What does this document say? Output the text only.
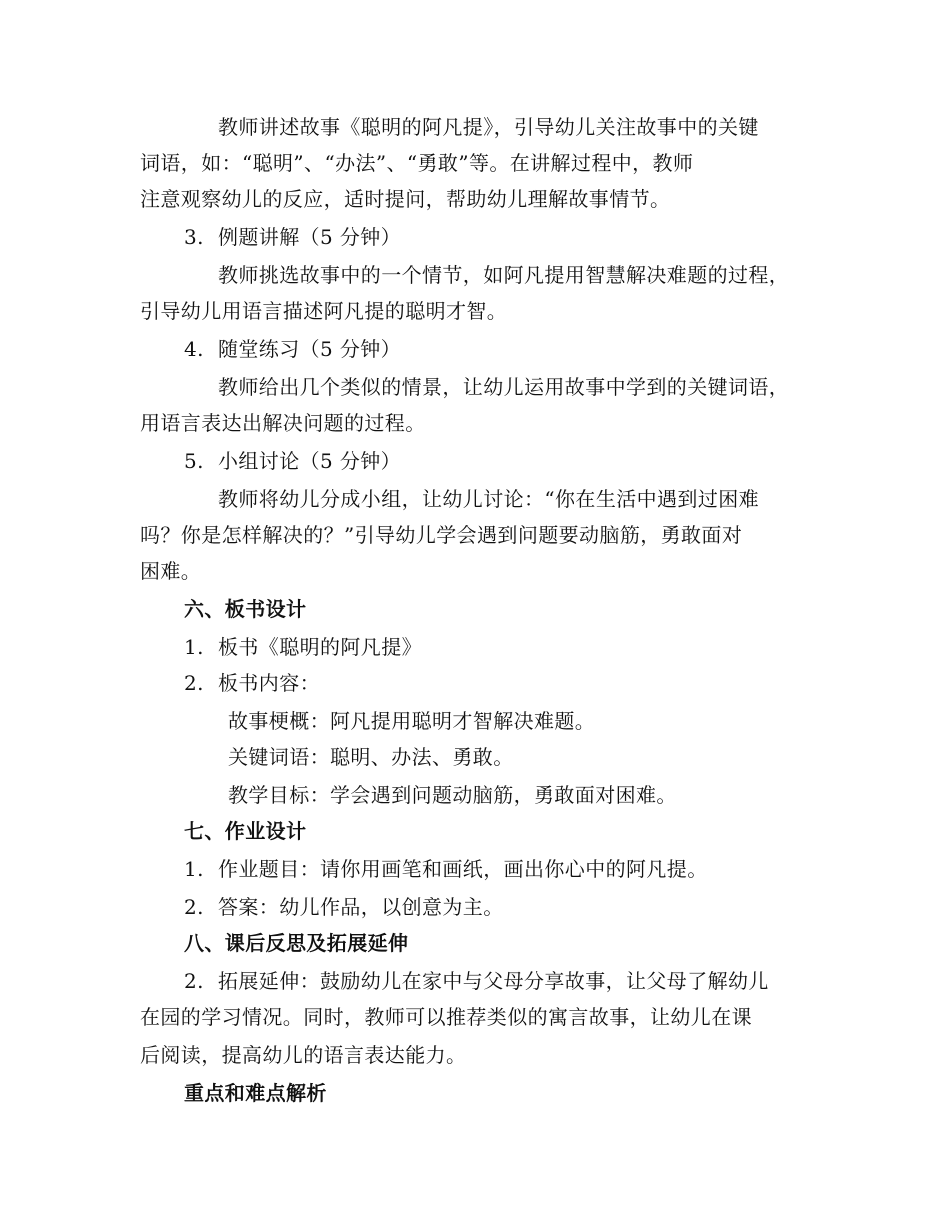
教师讲述故事《聪明的阿凡提》，引导幼儿关注故事中的关键
词语，如：“聪明”、“办法”、“勇敢”等。在讲解过程中，教师
注意观察幼儿的反应，适时提问，帮助幼儿理解故事情节。
3. 例题讲解（5 分钟）
教师挑选故事中的一个情节，如阿凡提用智慧解决难题的过程，
引导幼儿用语言描述阿凡提的聪明才智。
4. 随堂练习（5 分钟）
教师给出几个类似的情景，让幼儿运用故事中学到的关键词语，
用语言表达出解决问题的过程。
5. 小组讨论（5 分钟）
教师将幼儿分成小组，让幼儿讨论：“你在生活中遇到过困难
吗？你是怎样解决的？”引导幼儿学会遇到问题要动脑筋，勇敢面对
困难。
六、板书设计
1. 板书《聪明的阿凡提》
2. 板书内容：
故事梗概：阿凡提用聪明才智解决难题。
关键词语：聪明、办法、勇敢。
教学目标：学会遇到问题动脑筋，勇敢面对困难。
七、作业设计
1. 作业题目：请你用画笔和画纸，画出你心中的阿凡提。
2. 答案：幼儿作品，以创意为主。
八、课后反思及拓展延伸
2. 拓展延伸：鼓励幼儿在家中与父母分享故事，让父母了解幼儿
在园的学习情况。同时，教师可以推荐类似的寓言故事，让幼儿在课
后阅读，提高幼儿的语言表达能力。
重点和难点解析
